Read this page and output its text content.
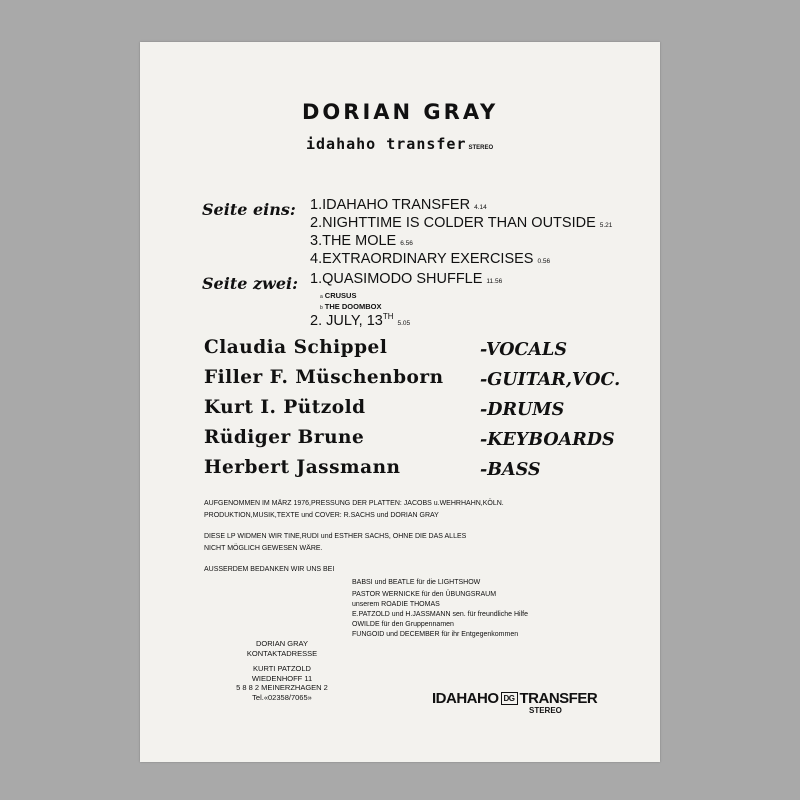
DORIAN GRAY
idahaho transfer STEREO
Seite eins: 1.IDAHAHO TRANSFER 4.14
2.NIGHTTIME IS COLDER THAN OUTSIDE 5.21
3.THE MOLE 6.56
4.EXTRAORDINARY EXERCISES 0.56
Seite zwei: 1.QUASIMODO SHUFFLE 11.56
a CRUSUS
b THE DOOMBOX
2. JULY, 13TH5.05
Claudia Schippel	-VOCALS
Filler F. Müschenborn -GUITAR,VOC.
Kurt I. Pützold	-DRUMS
Rüdiger Brune	-KEYBOARDS
Herbert Jassmann	-BASS
AUFGENOMMEN IM MÄRZ 1976,PRESSUNG DER PLATTEN: JACOBS u.WEHRHAHN,KÖLN.
PRODUKTION,MUSIK,TEXTE und COVER: R.SACHS und DORIAN GRAY
DIESE LP WIDMEN WIR TINE,RUDI und ESTHER SACHS, OHNE DIE DAS ALLES
NICHT MÖGLICH GEWESEN WÄRE.
AUSSERDEM BEDANKEN WIR UNS BEI
BABSI und BEATLE für die LIGHTSHOW
PASTOR WERNICKE für den ÜBUNGSRAUM
unserem ROADIE THOMAS
E.PATZOLD und H.JASSMANN sen. für freundliche Hilfe
OWILDE für den Gruppennamen
FUNGOID und DECEMBER für ihr Entgegenkommen
DORIAN GRAY
KONTAKTADRESSE
KURTI PATZOLD
WIEDENHOFF 11
5 8 8 2 MEINERZHAGEN 2
Tel.«02358/7065»	IDAHAHO DG TRANSFER
STEREO
